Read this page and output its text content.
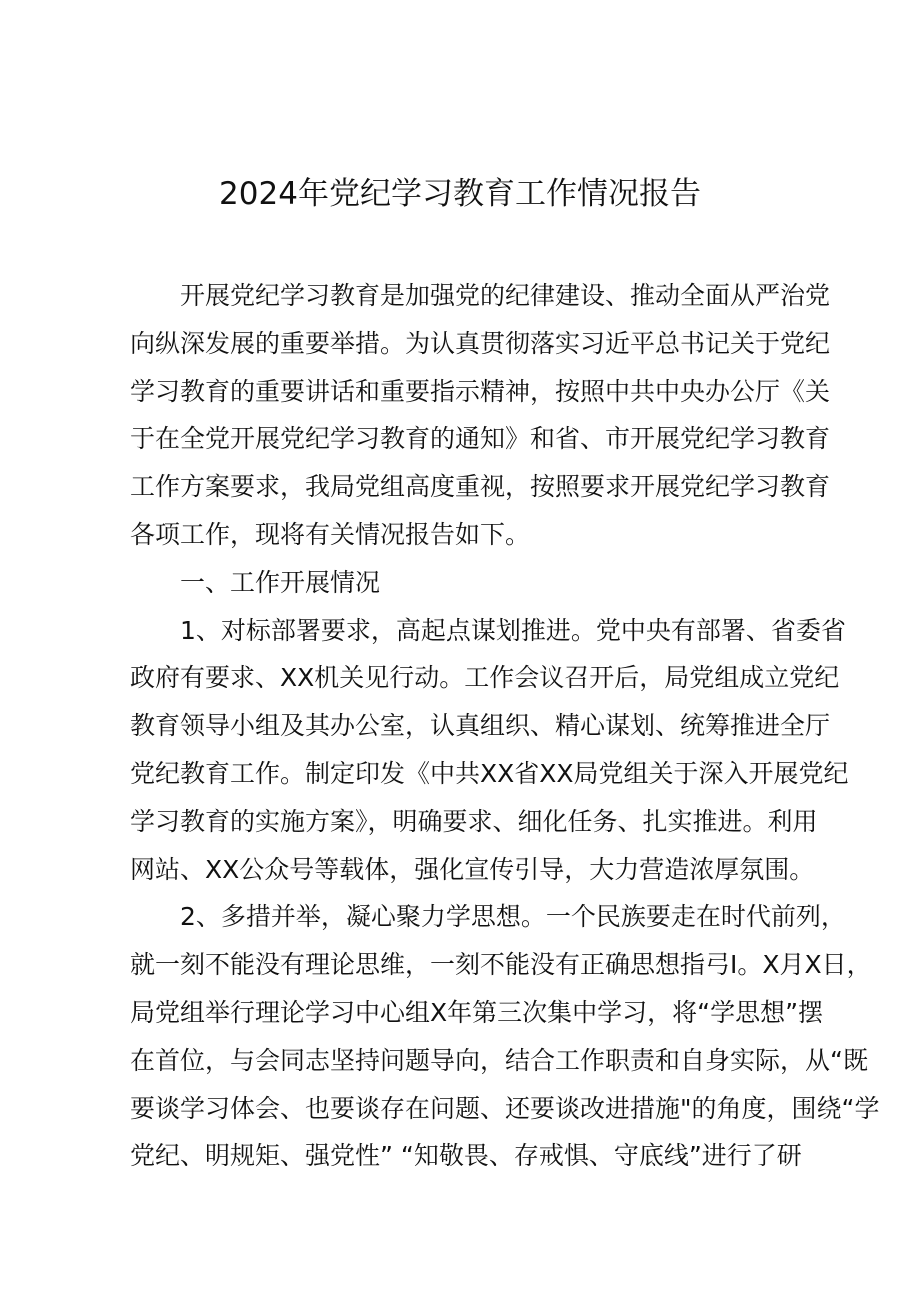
2024年党纪学习教育工作情况报告
开展党纪学习教育是加强党的纪律建设、推动全面从严治党
向纵深发展的重要举措。为认真贯彻落实习近平总书记关于党纪
学习教育的重要讲话和重要指示精神，按照中共中央办公厅《关
于在全党开展党纪学习教育的通知》和省、市开展党纪学习教育
工作方案要求，我局党组高度重视，按照要求开展党纪学习教育
各项工作，现将有关情况报告如下。
一、工作开展情况
1、对标部署要求，高起点谋划推进。党中央有部署、省委省
政府有要求、XX机关见行动。工作会议召开后，局党组成立党纪
教育领导小组及其办公室，认真组织、精心谋划、统筹推进全厅
党纪教育工作。制定印发《中共XX省XX局党组关于深入开展党纪
学习教育的实施方案》，明确要求、细化任务、扎实推进。利用
网站、XX公众号等载体，强化宣传引导，大力营造浓厚氛围。
2、多措并举，凝心聚力学思想。一个民族要走在时代前列，
就一刻不能没有理论思维，一刻不能没有正确思想指弓I。X月X日，
局党组举行理论学习中心组X年第三次集中学习，将“学思想”摆
在首位，与会同志坚持问题导向，结合工作职责和自身实际，从“既
要谈学习体会、也要谈存在问题、还要谈改进措施"的角度，围绕“学
党纪、明规矩、强党性” “知敬畏、存戒惧、守底线”进行了研
